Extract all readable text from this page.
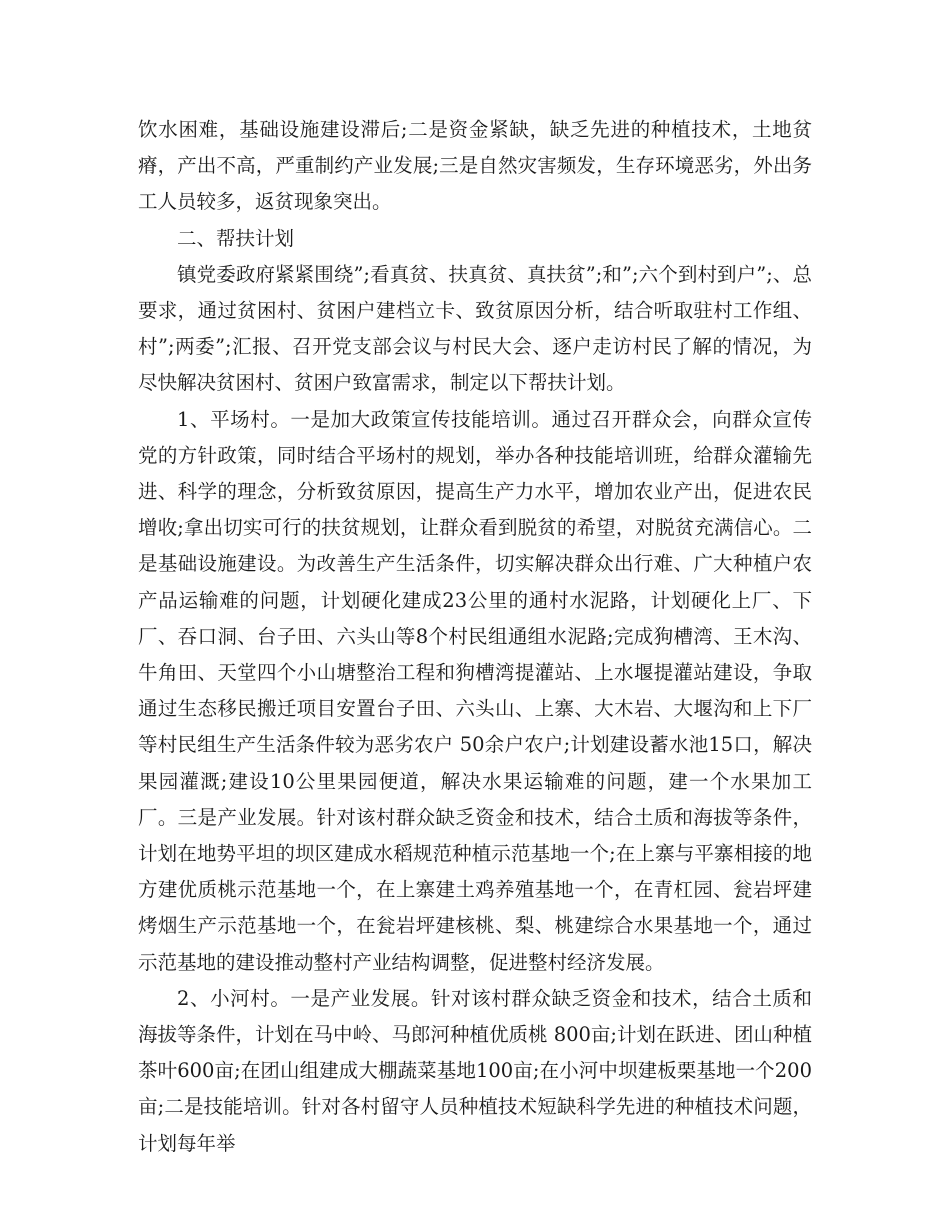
饮水困难，基础设施建设滞后;二是资金紧缺，缺乏先进的种植技术，土地贫瘠，产出不高，严重制约产业发展;三是自然灾害频发，生存环境恶劣，外出务工人员较多，返贫现象突出。

二、帮扶计划

镇党委政府紧紧围绕”;看真贫、扶真贫、真扶贫”;和”;六个到村到户”;、总要求，通过贫困村、贫困户建档立卡、致贫原因分析，结合听取驻村工作组、村”;两委”;汇报、召开党支部会议与村民大会、逐户走访村民了解的情况，为尽快解决贫困村、贫困户致富需求，制定以下帮扶计划。

1、平场村。一是加大政策宣传技能培训。通过召开群众会，向群众宣传党的方针政策，同时结合平场村的规划，举办各种技能培训班，给群众灌输先进、科学的理念，分析致贫原因，提高生产力水平，增加农业产出，促进农民增收;拿出切实可行的扶贫规划，让群众看到脱贫的希望，对脱贫充满信心。二是基础设施建设。为改善生产生活条件，切实解决群众出行难、广大种植户农产品运输难的问题，计划硬化建成23公里的通村水泥路，计划硬化上厂、下厂、吞口洞、台子田、六头山等8个村民组通组水泥路;完成狗槽湾、王木沟、牛角田、天堂四个小山塘整治工程和狗槽湾提灌站、上水堰提灌站建设，争取通过生态移民搬迁项目安置台子田、六头山、上寨、大木岩、大堰沟和上下厂等村民组生产生活条件较为恶劣农户 50余户农户;计划建设蓄水池15口，解决果园灌溉;建设10公里果园便道，解决水果运输难的问题，建一个水果加工厂。三是产业发展。针对该村群众缺乏资金和技术，结合土质和海拔等条件，计划在地势平坦的坝区建成水稻规范种植示范基地一个;在上寨与平寨相接的地方建优质桃示范基地一个，在上寨建土鸡养殖基地一个，在青杠园、瓮岩坪建烤烟生产示范基地一个，在瓮岩坪建核桃、梨、桃建综合水果基地一个，通过示范基地的建设推动整村产业结构调整，促进整村经济发展。

2、小河村。一是产业发展。针对该村群众缺乏资金和技术，结合土质和海拔等条件，计划在马中岭、马郎河种植优质桃 800亩;计划在跃进、团山种植茶叶600亩;在团山组建成大棚蔬菜基地100亩;在小河中坝建板栗基地一个200亩;二是技能培训。针对各村留守人员种植技术短缺科学先进的种植技术问题，计划每年举
